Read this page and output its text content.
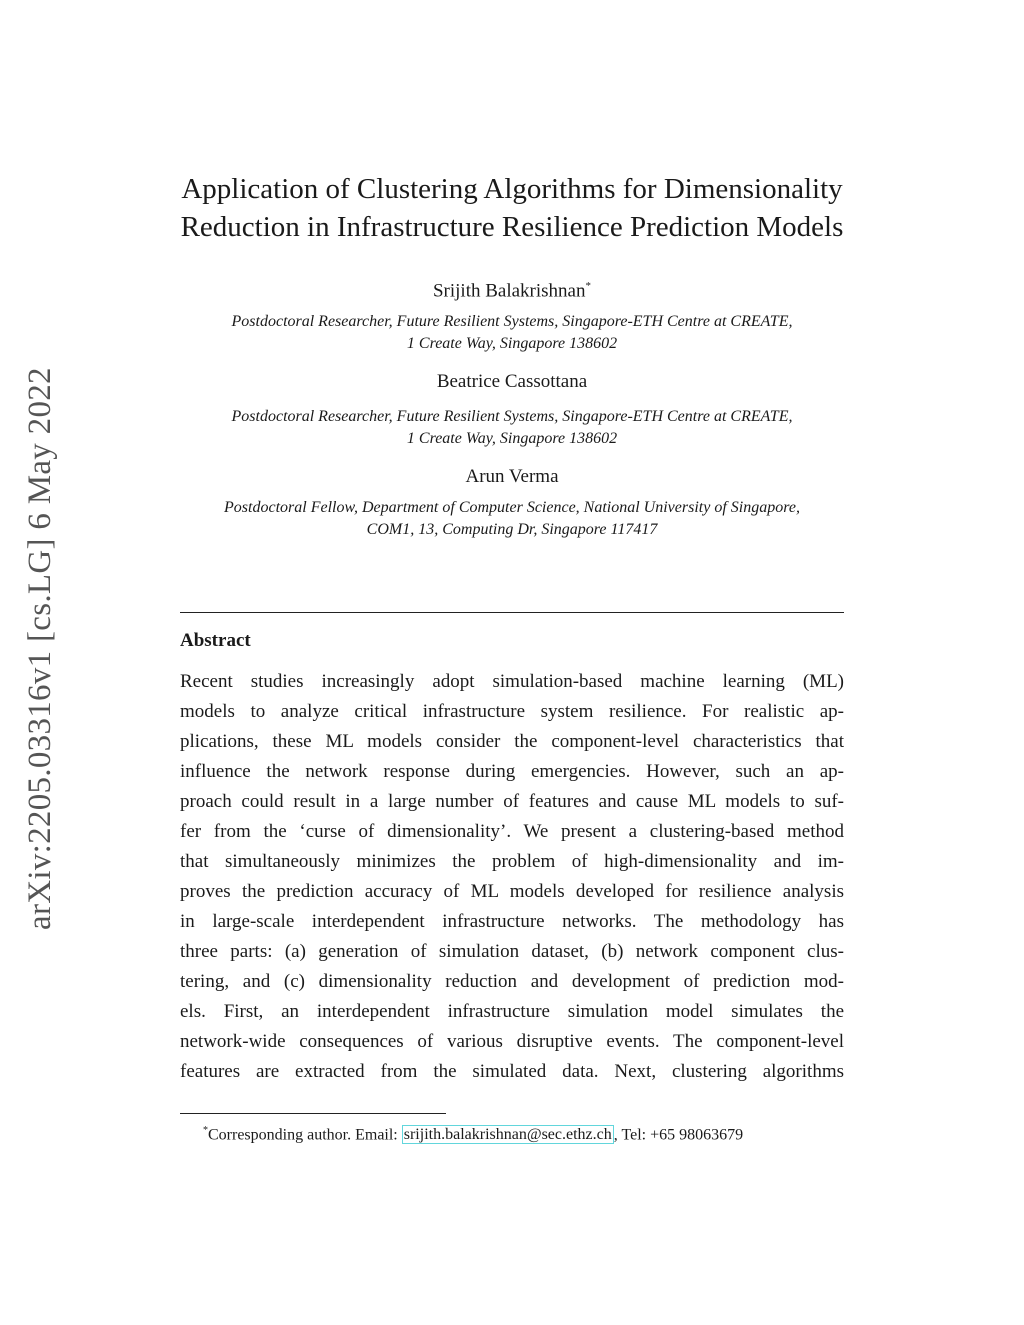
arXiv:2205.03316v1 [cs.LG] 6 May 2022
Application of Clustering Algorithms for Dimensionality
Reduction in Infrastructure Resilience Prediction Models
Srijith Balakrishnan*
Postdoctoral Researcher, Future Resilient Systems, Singapore-ETH Centre at CREATE,
1 Create Way, Singapore 138602
Beatrice Cassottana
Postdoctoral Researcher, Future Resilient Systems, Singapore-ETH Centre at CREATE,
1 Create Way, Singapore 138602
Arun Verma
Postdoctoral Fellow, Department of Computer Science, National University of Singapore,
COM1, 13, Computing Dr, Singapore 117417
Abstract
Recent studies increasingly adopt simulation-based machine learning (ML)
models to analyze critical infrastructure system resilience. For realistic ap-
plications, these ML models consider the component-level characteristics that
influence the network response during emergencies. However, such an ap-
proach could result in a large number of features and cause ML models to suf-
fer from the ‘curse of dimensionality’. We present a clustering-based method
that simultaneously minimizes the problem of high-dimensionality and im-
proves the prediction accuracy of ML models developed for resilience analysis
in large-scale interdependent infrastructure networks. The methodology has
three parts: (a) generation of simulation dataset, (b) network component clus-
tering, and (c) dimensionality reduction and development of prediction mod-
els. First, an interdependent infrastructure simulation model simulates the
network-wide consequences of various disruptive events. The component-level
features are extracted from the simulated data. Next, clustering algorithms
*Corresponding author. Email: srijith.balakrishnan@sec.ethz.ch , Tel: +65 98063679
